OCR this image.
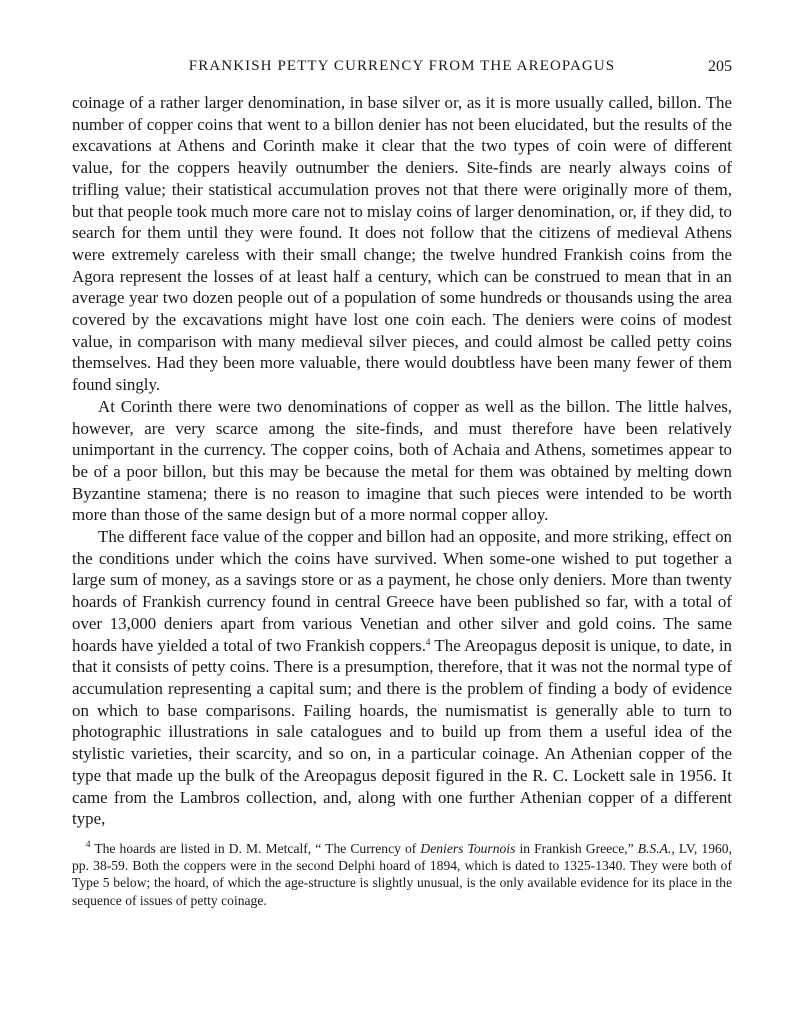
FRANKISH PETTY CURRENCY FROM THE AREOPAGUS	205

coinage of a rather larger denomination, in base silver or, as it is more usually called, billon. The number of copper coins that went to a billon denier has not been elucidated, but the results of the excavations at Athens and Corinth make it clear that the two types of coin were of different value, for the coppers heavily outnumber the deniers. Site-finds are nearly always coins of trifling value; their statistical accumulation proves not that there were originally more of them, but that people took much more care not to mislay coins of larger denomination, or, if they did, to search for them until they were found. It does not follow that the citizens of medieval Athens were extremely careless with their small change; the twelve hundred Frankish coins from the Agora represent the losses of at least half a century, which can be construed to mean that in an average year two dozen people out of a population of some hundreds or thousands using the area covered by the excavations might have lost one coin each. The deniers were coins of modest value, in comparison with many medieval silver pieces, and could almost be called petty coins themselves. Had they been more valuable, there would doubtless have been many fewer of them found singly.

At Corinth there were two denominations of copper as well as the billon. The little halves, however, are very scarce among the site-finds, and must therefore have been relatively unimportant in the currency. The copper coins, both of Achaia and Athens, sometimes appear to be of a poor billon, but this may be because the metal for them was obtained by melting down Byzantine stamena; there is no reason to imagine that such pieces were intended to be worth more than those of the same design but of a more normal copper alloy.

The different face value of the copper and billon had an opposite, and more striking, effect on the conditions under which the coins have survived. When some-one wished to put together a large sum of money, as a savings store or as a payment, he chose only deniers. More than twenty hoards of Frankish currency found in central Greece have been published so far, with a total of over 13,000 deniers apart from various Venetian and other silver and gold coins. The same hoards have yielded a total of two Frankish coppers.$^4$ The Areopagus deposit is unique, to date, in that it consists of petty coins. There is a presumption, therefore, that it was not the normal type of accumulation representing a capital sum; and there is the problem of finding a body of evidence on which to base comparisons. Failing hoards, the numismatist is generally able to turn to photographic illustrations in sale catalogues and to build up from them a useful idea of the stylistic varieties, their scarcity, and so on, in a particular coinage. An Athenian copper of the type that made up the bulk of the Areopagus deposit figured in the R. C. Lockett sale in 1956. It came from the Lambros collection, and, along with one further Athenian copper of a different type,

$^4$ The hoards are listed in D. M. Metcalf, “ The Currency of Deniers Tournois in Frankish Greece,” B.S.A., LV, 1960, pp. 38-59. Both the coppers were in the second Delphi hoard of 1894, which is dated to 1325-1340. They were both of Type 5 below; the hoard, of which the age-structure is slightly unusual, is the only available evidence for its place in the sequence of issues of petty coinage.
